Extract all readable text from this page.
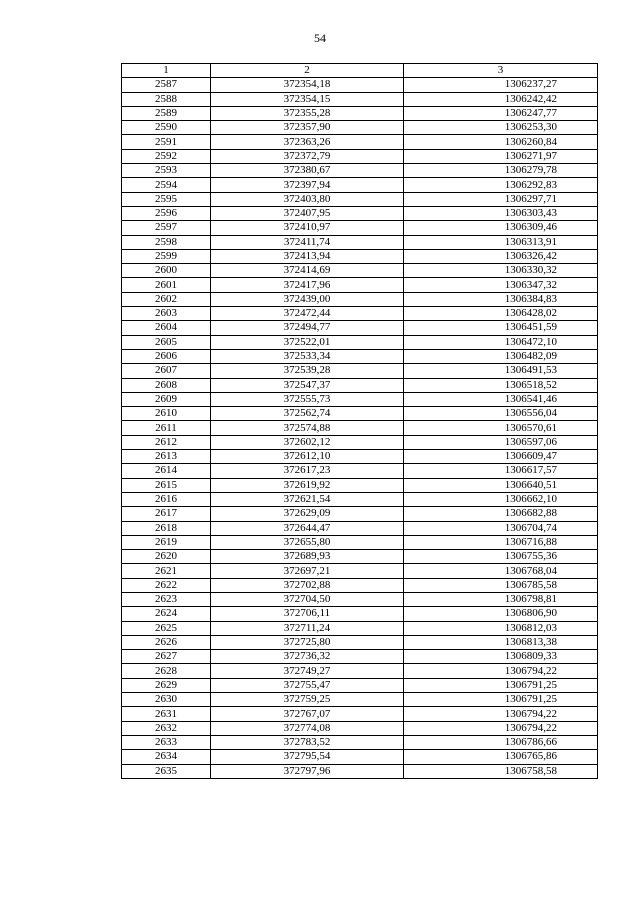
54
1	2	3
2587	372354,18	1306237,27
2588	372354,15	1306242,42
2589	372355,28	1306247,77
2590	372357,90	1306253,30
2591	372363,26	1306260,84
2592	372372,79	1306271,97
2593	372380,67	1306279,78
2594	372397,94	1306292,83
2595	372403,80	1306297,71
2596	372407,95	1306303,43
2597	372410,97	1306309,46
2598	372411,74	1306313,91
2599	372413,94	1306326,42
2600	372414,69	1306330,32
2601	372417,96	1306347,32
2602	372439,00	1306384,83
2603	372472,44	1306428,02
2604	372494,77	1306451,59
2605	372522,01	1306472,10
2606	372533,34	1306482,09
2607	372539,28	1306491,53
2608	372547,37	1306518,52
2609	372555,73	1306541,46
2610	372562,74	1306556,04
2611	372574,88	1306570,61
2612	372602,12	1306597,06
2613	372612,10	1306609,47
2614	372617,23	1306617,57
2615	372619,92	1306640,51
2616	372621,54	1306662,10
2617	372629,09	1306682,88
2618	372644,47	1306704,74
2619	372655,80	1306716,88
2620	372689,93	1306755,36
2621	372697,21	1306768,04
2622	372702,88	1306785,58
2623	372704,50	1306798,81
2624	372706,11	1306806,90
2625	372711,24	1306812,03
2626	372725,80	1306813,38
2627	372736,32	1306809,33
2628	372749,27	1306794,22
2629	372755,47	1306791,25
2630	372759,25	1306791,25
2631	372767,07	1306794,22
2632	372774,08	1306794,22
2633	372783,52	1306786,66
2634	372795,54	1306765,86
2635	372797,96	1306758,58
